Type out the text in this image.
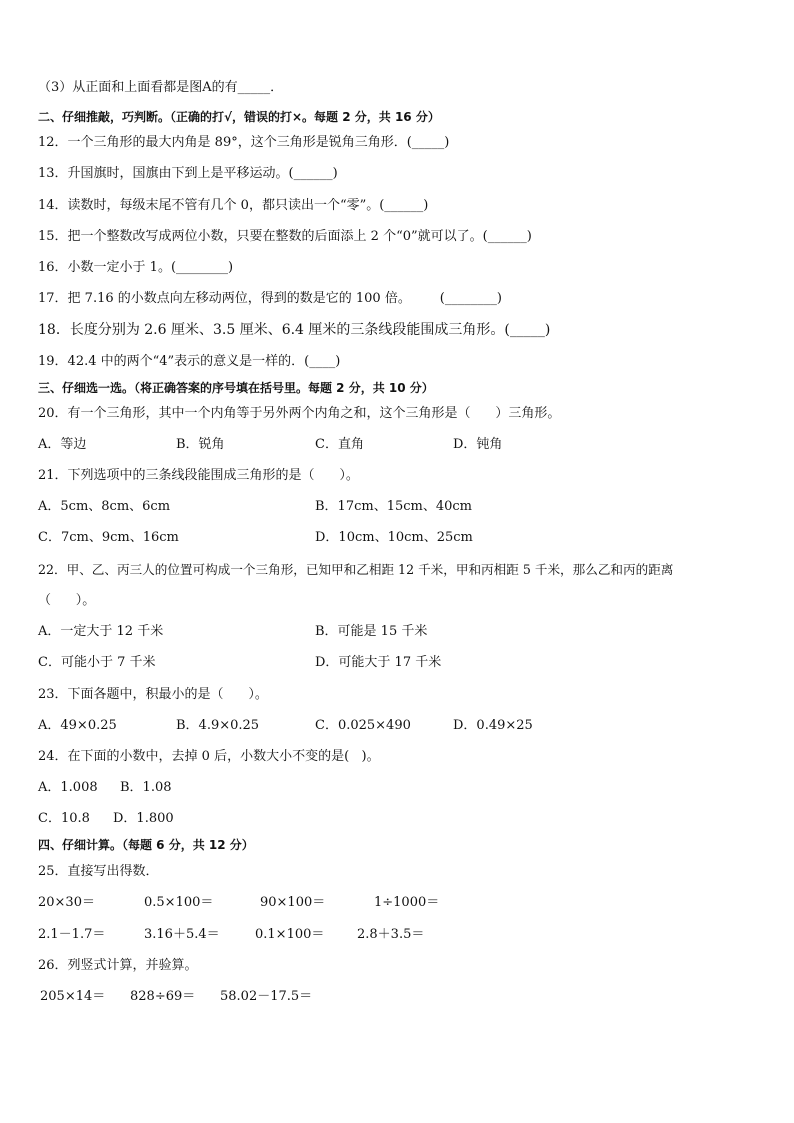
（3）从正面和上面看都是图A的有_____．
二、仔细推敲，巧判断。（正确的打√，错误的打×。每题 2 分，共 16 分）
12．一个三角形的最大内角是 89°，这个三角形是锐角三角形．(_____)
13．升国旗时，国旗由下到上是平移运动。(______)
14．读数时，每级末尾不管有几个 0，都只读出一个“零”。(______)
15．把一个整数改写成两位小数，只要在整数的后面添上 2 个“0”就可以了。(______)
16．小数一定小于 1。(________)
17．把 7.16 的小数点向左移动两位，得到的数是它的 100 倍。       (________)
18．长度分别为 2.6 厘米、3.5 厘米、6.4 厘米的三条线段能围成三角形。(_____)
19．42.4 中的两个“4”表示的意义是一样的．(____)
三、仔细选一选。（将正确答案的序号填在括号里。每题 2 分，共 10 分）
20．有一个三角形，其中一个内角等于另外两个内角之和，这个三角形是（      ）三角形。
A．等边	B．锐角	C．直角	D．钝角
21．下列选项中的三条线段能围成三角形的是（      ）。
A．5cm、8cm、6cm	B．17cm、15cm、40cm
C．7cm、9cm、16cm	D．10cm、10cm、25cm
22．甲、乙、丙三人的位置可构成一个三角形，已知甲和乙相距 12 千米，甲和丙相距 5 千米，那么乙和丙的距离
（      ）。
A．一定大于 12 千米	B．可能是 15 千米
C．可能小于 7 千米	D．可能大于 17 千米
23．下面各题中，积最小的是（      ）。
A．49×0.25	B．4.9×0.25	C．0.025×490	D．0.49×25
24．在下面的小数中，去掉 0 后，小数大小不变的是(   )。
A．1.008 B．1.08
C．10.8 D．1.800
四、仔细计算。（每题 6 分，共 12 分）
25．直接写出得数．
20×30＝	0.5×100＝	90×100＝	1÷1000＝
2.1－1.7＝	3.16＋5.4＝	0.1×100＝	2.8＋3.5＝
26．列竖式计算，并验算。
205×14＝ 828÷69＝ 58.02－17.5＝
